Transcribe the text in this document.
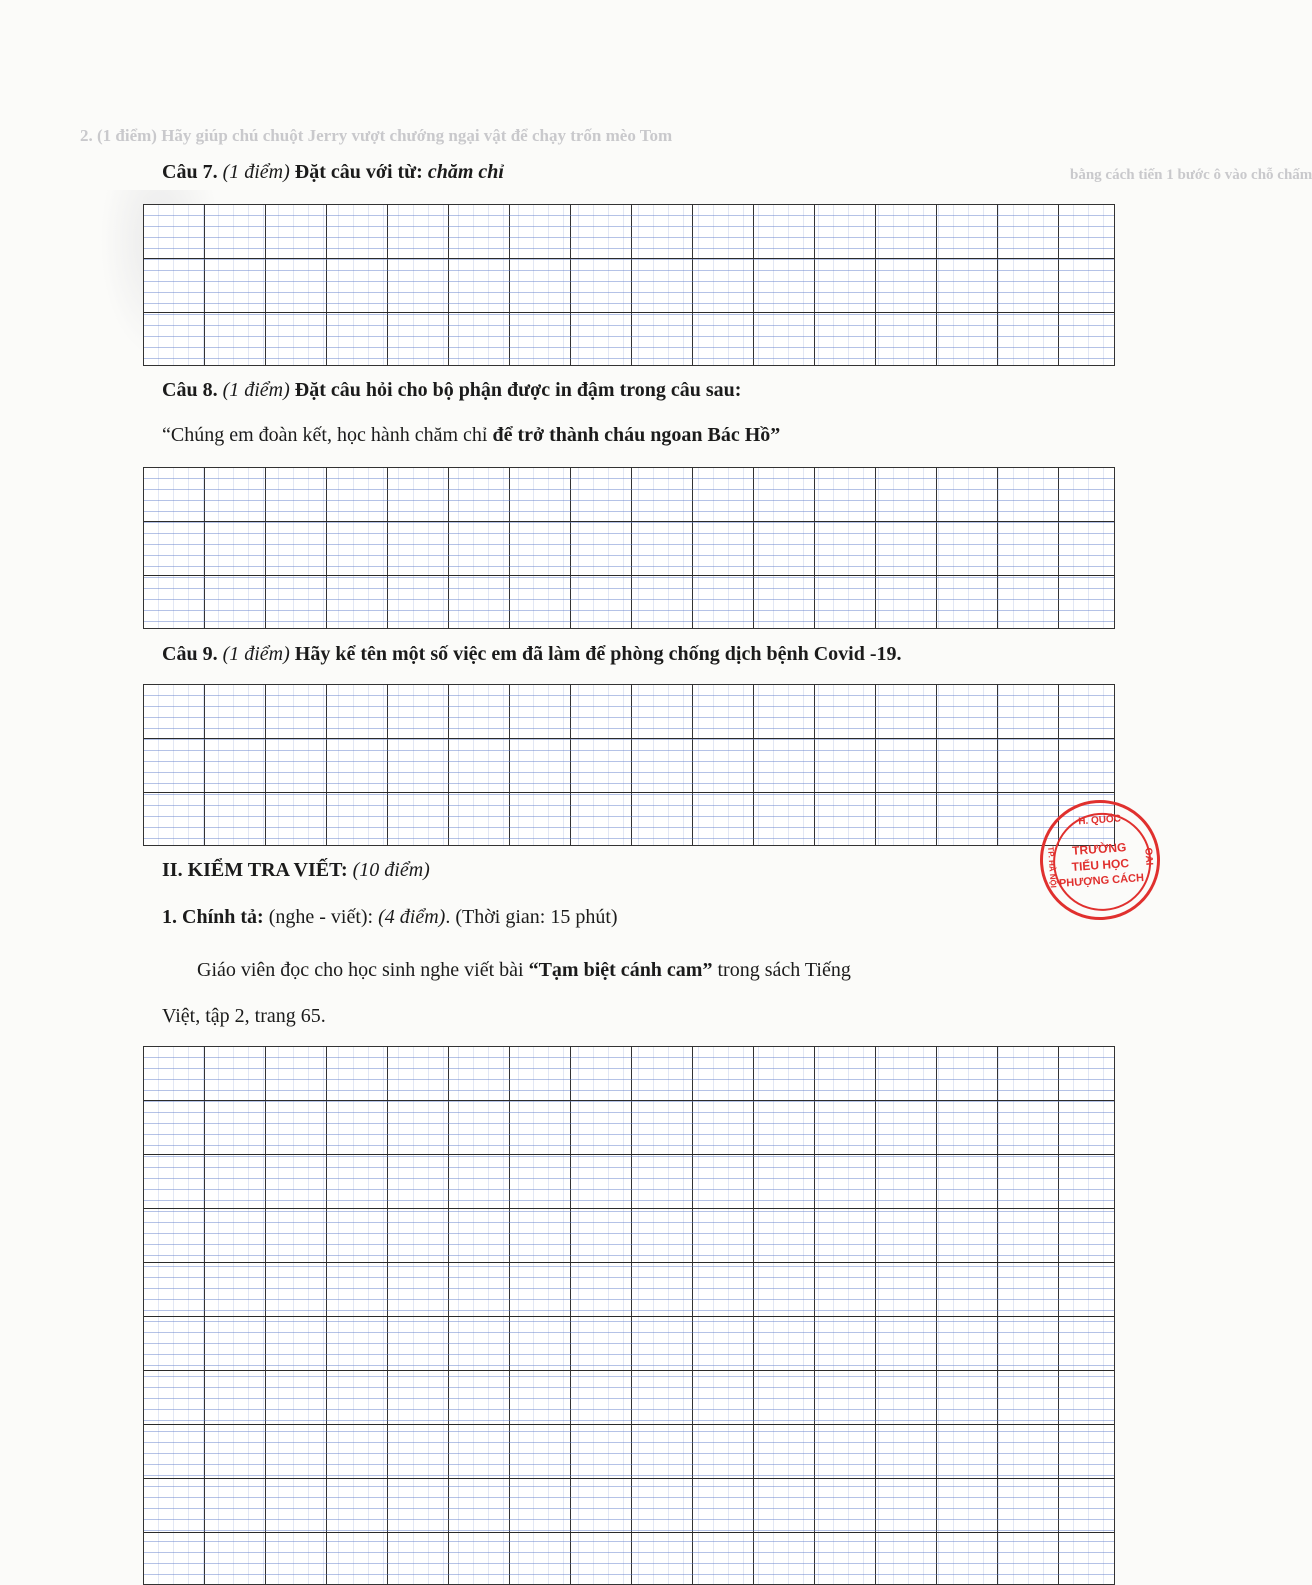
2. (1 điểm) Hãy giúp chú chuột Jerry vượt chướng ngại vật để chạy trốn mèo Tom
bằng cách tiến 1 bước ô vào chỗ chấm
Câu 7. (1 điểm) Đặt câu với từ: chăm chỉ
Câu 8. (1 điểm) Đặt câu hỏi cho bộ phận được in đậm trong câu sau:
“Chúng em đoàn kết, học hành chăm chỉ để trở thành cháu ngoan Bác Hồ”
Câu 9. (1 điểm) Hãy kể tên một số việc em đã làm để phòng chống dịch bệnh Covid -19.
II. KIỂM TRA VIẾT: (10 điểm)
1. Chính tả: (nghe - viết): (4 điểm). (Thời gian: 15 phút)
Giáo viên đọc cho học sinh nghe viết bài “Tạm biệt cánh cam” trong sách Tiếng
Việt, tập 2, trang 65.
H. QUỐC
OAI
TP. HÀ NỘI	TRƯỜNG
TIỂU HỌC
PHƯỢNG CÁCH
